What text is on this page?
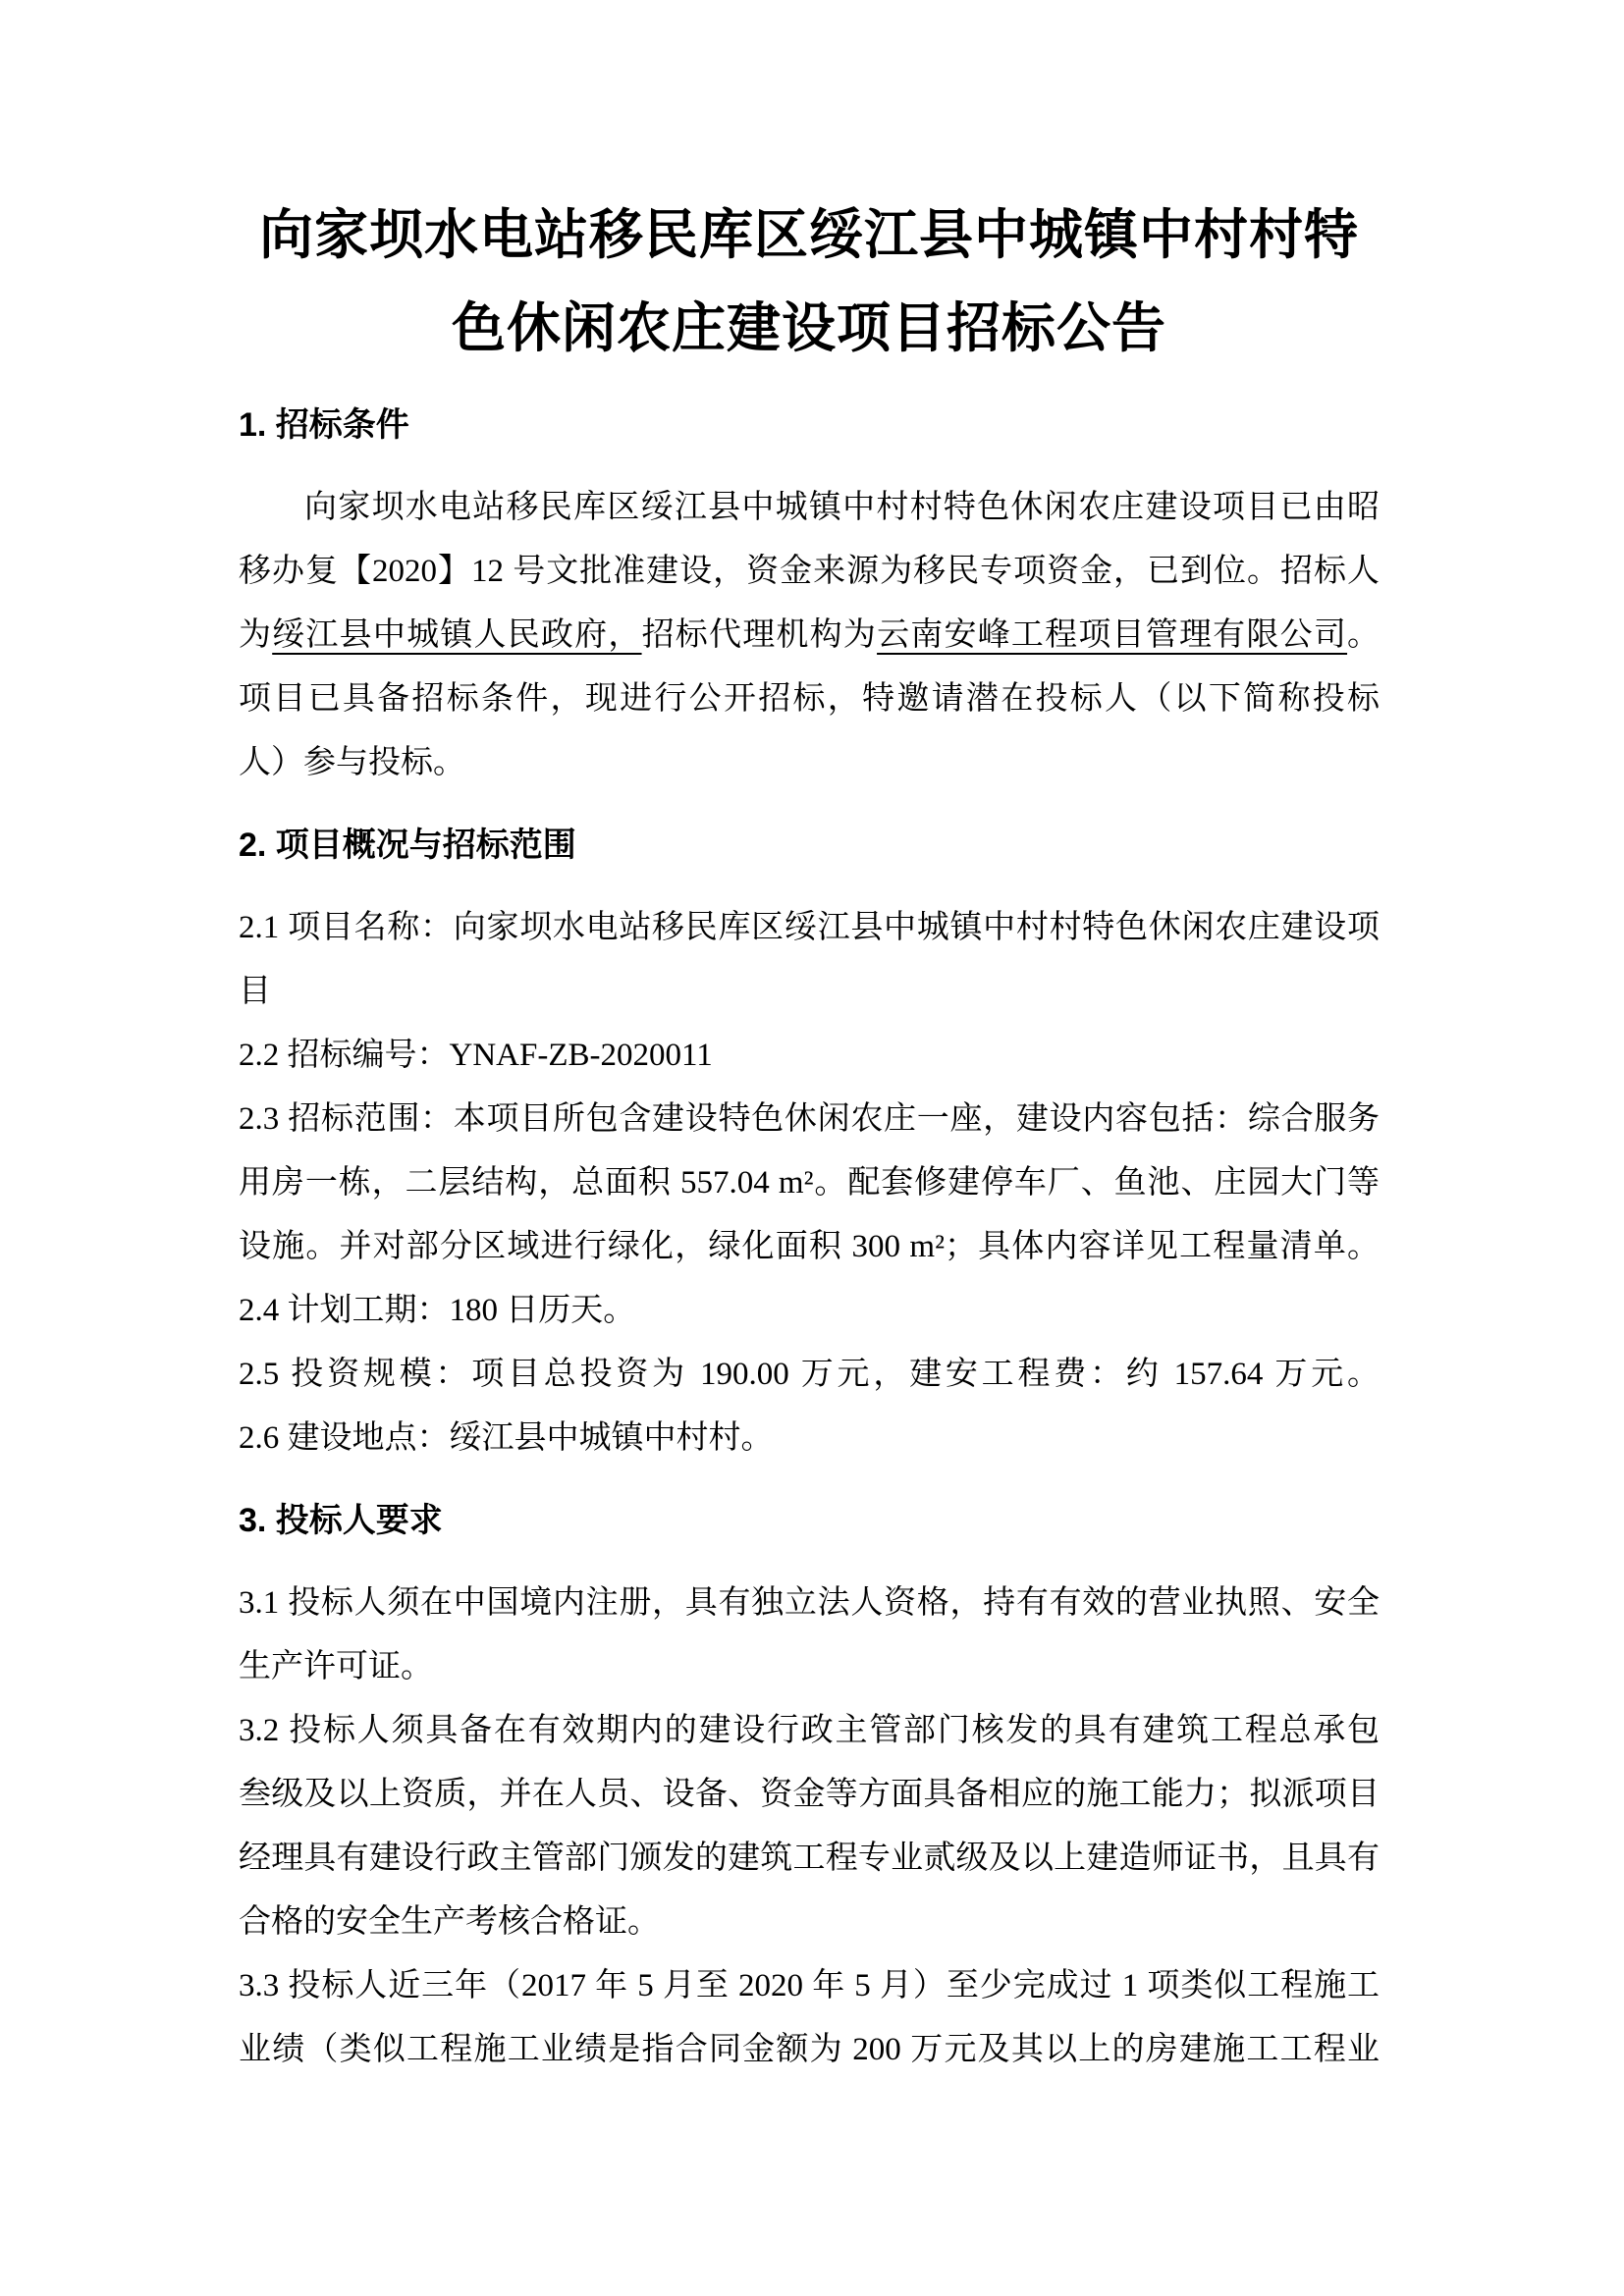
向家坝水电站移民库区绥江县中城镇中村村特
色休闲农庄建设项目招标公告
1. 招标条件
向家坝水电站移民库区绥江县中城镇中村村特色休闲农庄建设项目已由昭
移办复【2020】12 号文批准建设，资金来源为移民专项资金，已到位。招标人
为绥江县中城镇人民政府，招标代理机构为云南安峰工程项目管理有限公司。
项目已具备招标条件，现进行公开招标，特邀请潜在投标人（以下简称投标
人）参与投标。
2. 项目概况与招标范围
2.1 项目名称：向家坝水电站移民库区绥江县中城镇中村村特色休闲农庄建设项
目
2.2 招标编号：YNAF-ZB-2020011
2.3 招标范围：本项目所包含建设特色休闲农庄一座，建设内容包括：综合服务
用房一栋，二层结构，总面积 557.04 m²。配套修建停车厂、鱼池、庄园大门等
设施。并对部分区域进行绿化，绿化面积 300 m²；具体内容详见工程量清单。
2.4 计划工期：180 日历天。
2.5 投资规模：项目总投资为 190.00 万元，建安工程费：约 157.64 万元。
2.6 建设地点：绥江县中城镇中村村。
3. 投标人要求
3.1 投标人须在中国境内注册，具有独立法人资格，持有有效的营业执照、安全
生产许可证。
3.2 投标人须具备在有效期内的建设行政主管部门核发的具有建筑工程总承包
叁级及以上资质，并在人员、设备、资金等方面具备相应的施工能力；拟派项目
经理具有建设行政主管部门颁发的建筑工程专业贰级及以上建造师证书，且具有
合格的安全生产考核合格证。
3.3 投标人近三年（2017 年 5 月至 2020 年 5 月）至少完成过 1 项类似工程施工
业绩（类似工程施工业绩是指合同金额为 200 万元及其以上的房建施工工程业
